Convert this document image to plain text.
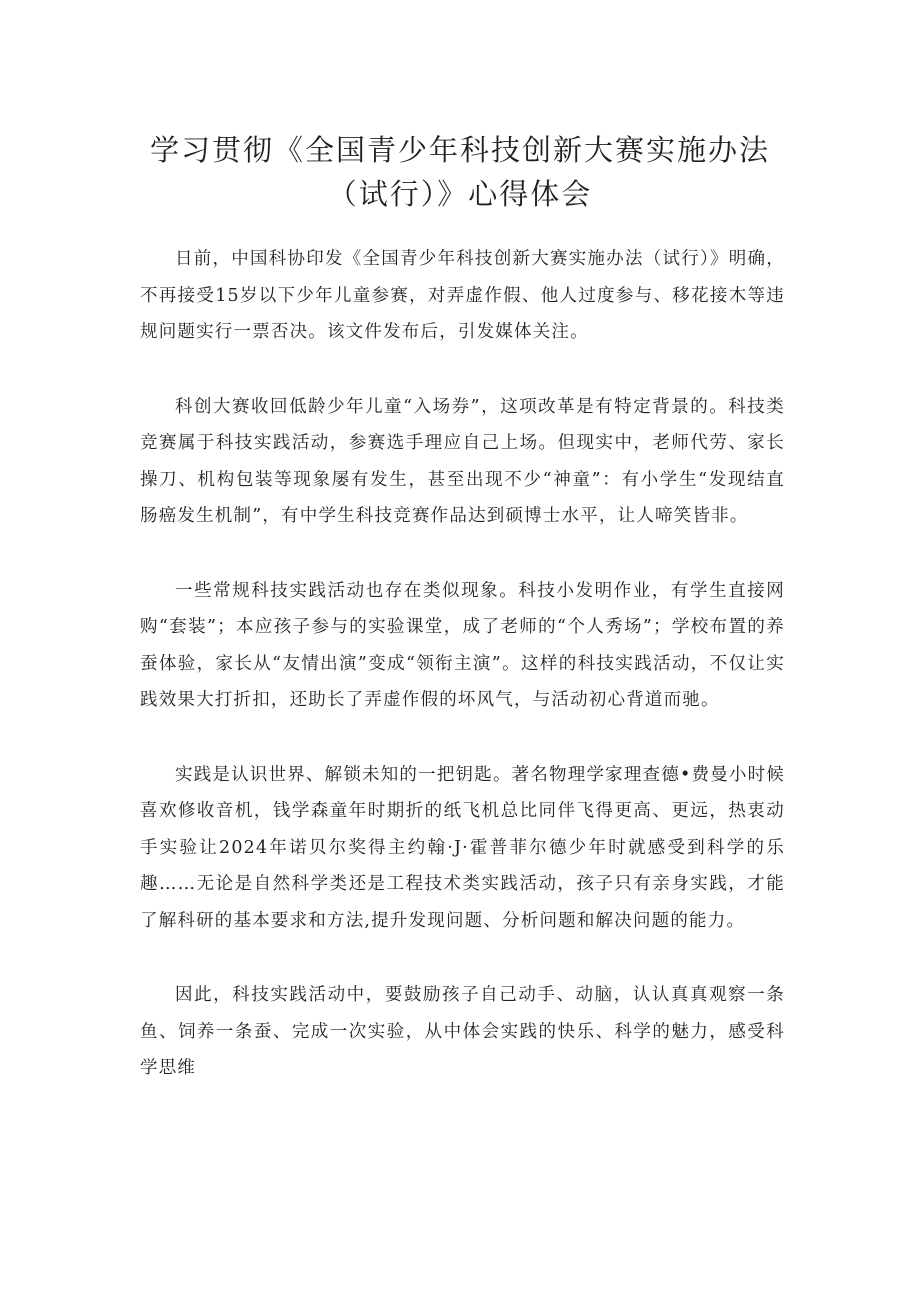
学习贯彻《全国青少年科技创新大赛实施办法（试行）》心得体会

日前，中国科协印发《全国青少年科技创新大赛实施办法（试行）》明确，不再接受15岁以下少年儿童参赛，对弄虚作假、他人过度参与、移花接木等违规问题实行一票否决。该文件发布后，引发媒体关注。

科创大赛收回低龄少年儿童“入场券”，这项改革是有特定背景的。科技类竞赛属于科技实践活动，参赛选手理应自己上场。但现实中，老师代劳、家长操刀、机构包装等现象屡有发生，甚至出现不少“神童”：有小学生“发现结直肠癌发生机制”，有中学生科技竞赛作品达到硕博士水平，让人啼笑皆非。

一些常规科技实践活动也存在类似现象。科技小发明作业，有学生直接网购“套装”；本应孩子参与的实验课堂，成了老师的“个人秀场”；学校布置的养蚕体验，家长从“友情出演”变成“领衔主演”。这样的科技实践活动，不仅让实践效果大打折扣，还助长了弄虚作假的坏风气，与活动初心背道而驰。

实践是认识世界、解锁未知的一把钥匙。著名物理学家理查德•费曼小时候喜欢修收音机，钱学森童年时期折的纸飞机总比同伴飞得更高、更远，热衷动手实验让2024年诺贝尔奖得主约翰·J·霍普菲尔德少年时就感受到科学的乐趣……无论是自然科学类还是工程技术类实践活动，孩子只有亲身实践，才能了解科研的基本要求和方法,提升发现问题、分析问题和解决问题的能力。

因此，科技实践活动中，要鼓励孩子自己动手、动脑，认认真真观察一条鱼、饲养一条蚕、完成一次实验，从中体会实践的快乐、科学的魅力，感受科学思维
